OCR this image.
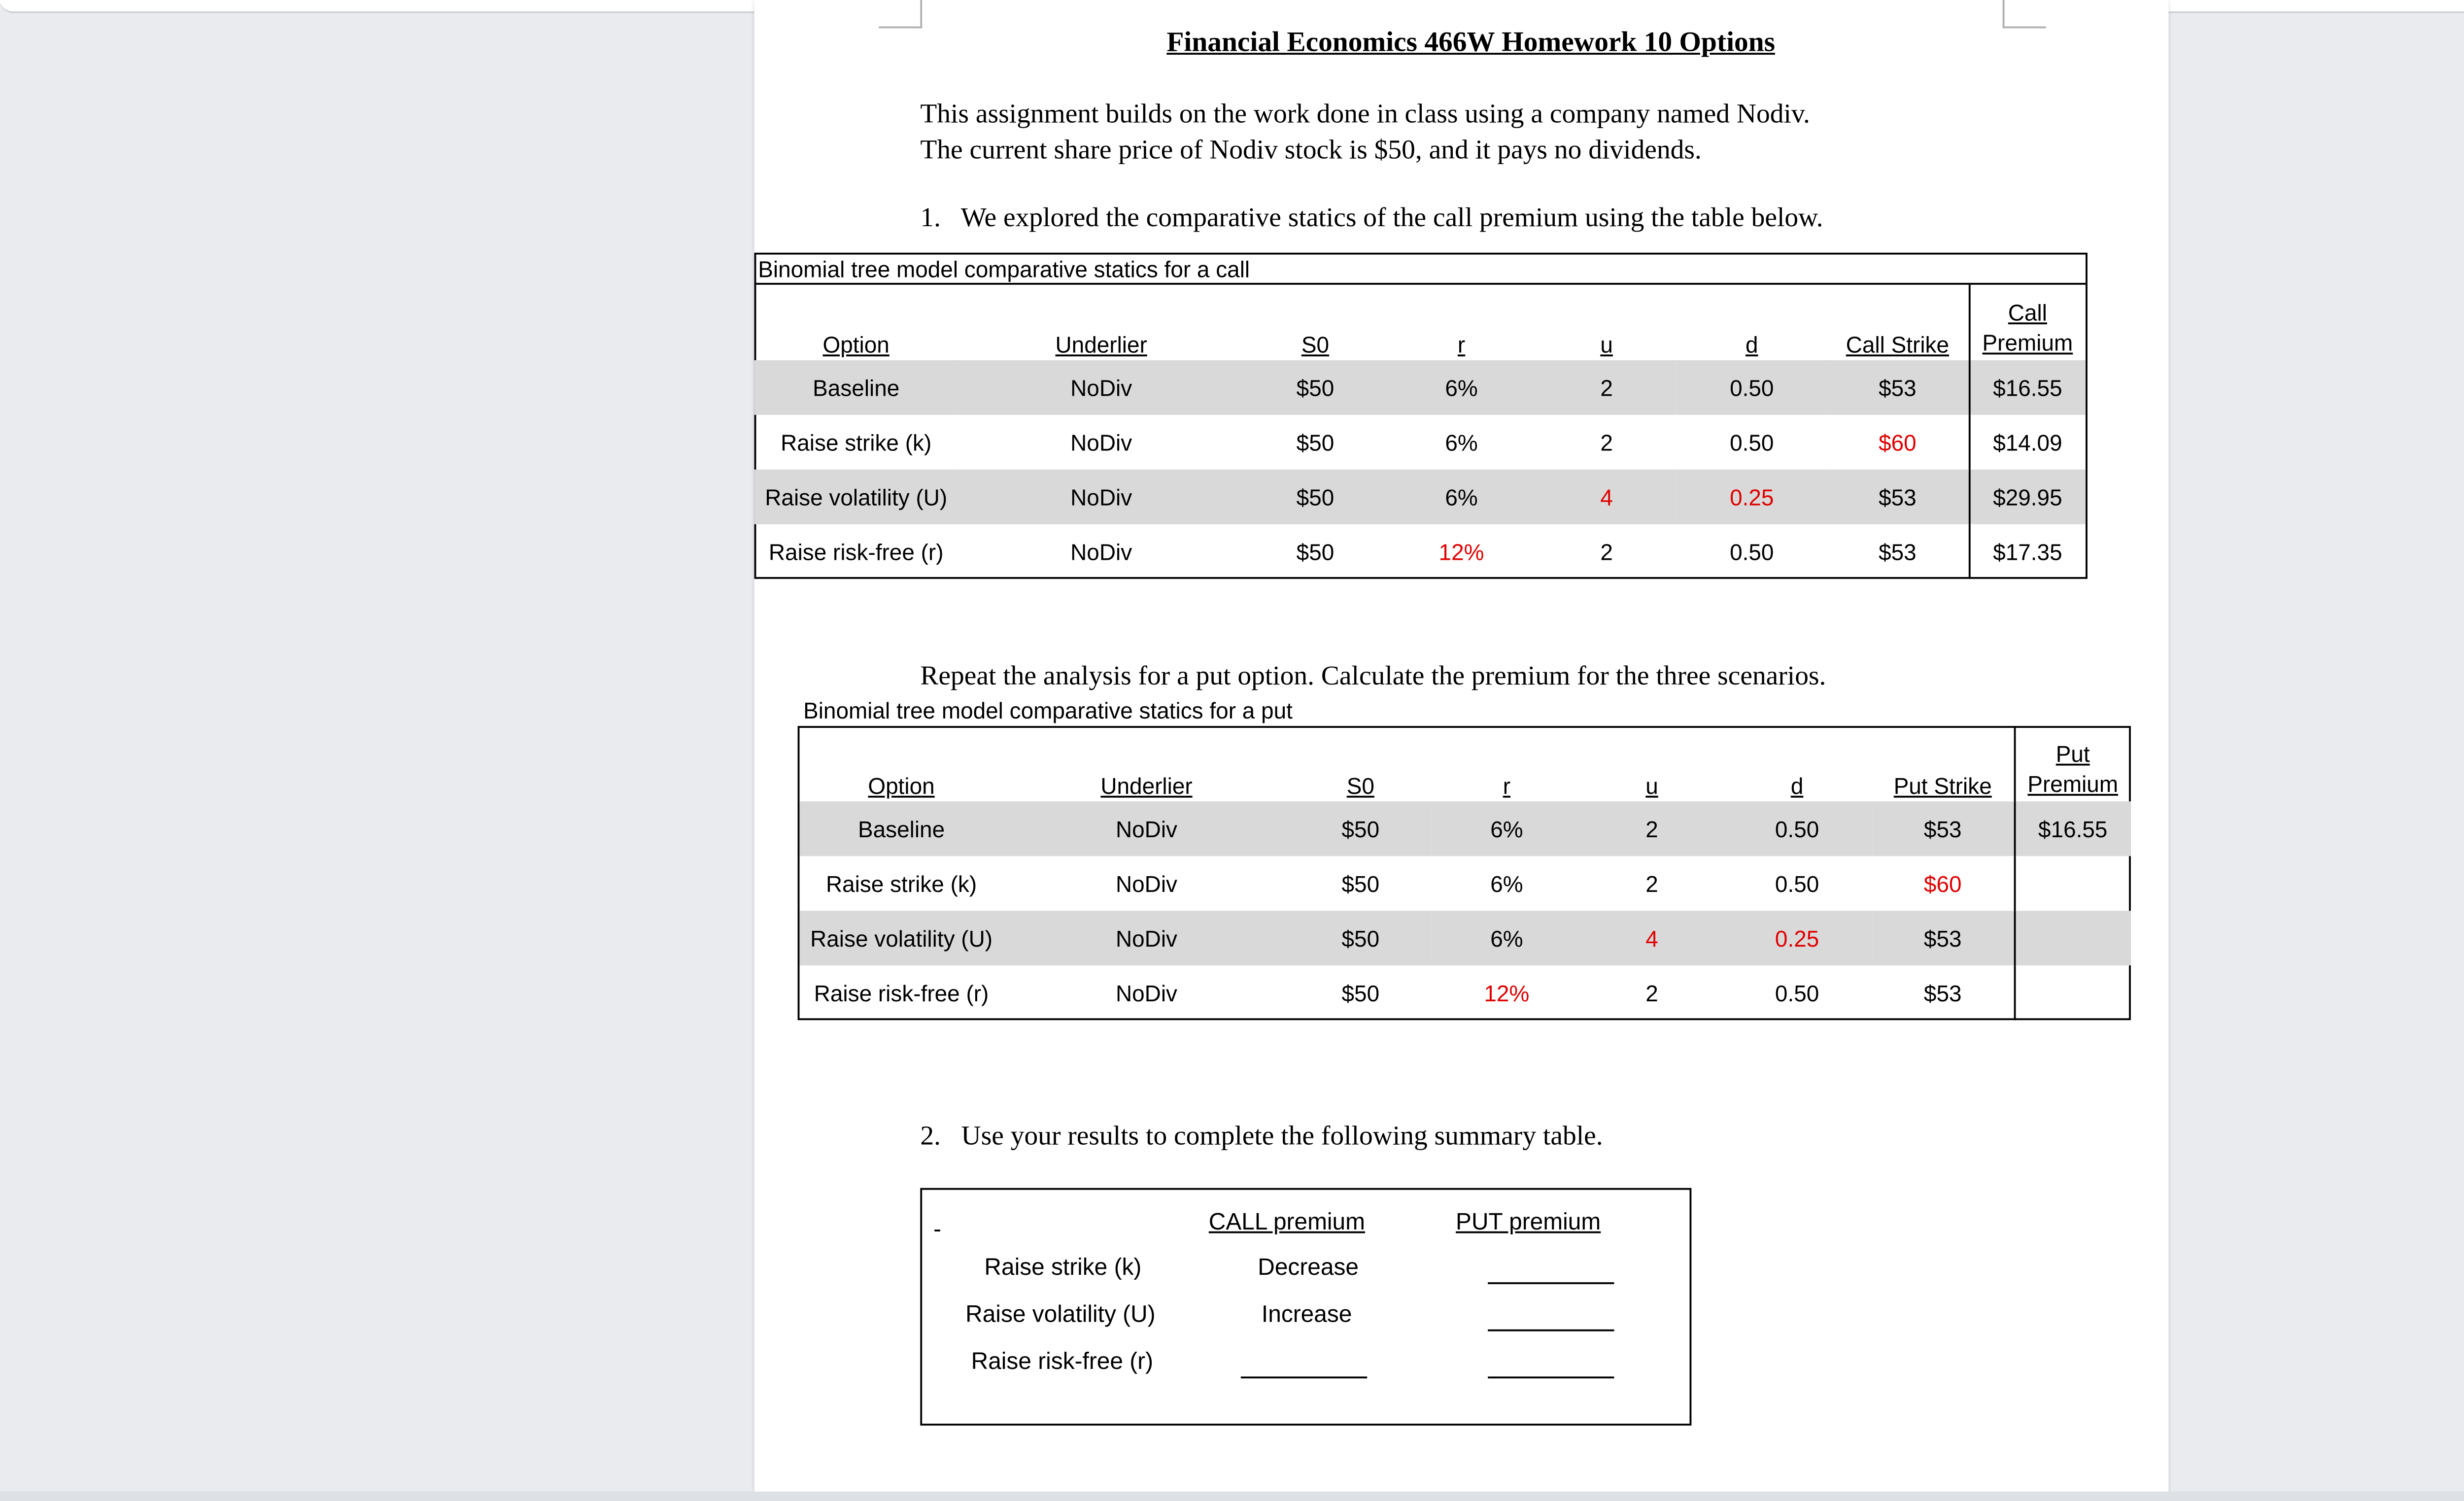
Financial Economics 466W Homework 10 Options
This assignment builds on the work done in class using a company named Nodiv.
The current share price of Nodiv stock is $50, and it pays no dividends.
1.	We explored the comparative statics of the call premium using the table below.
Binomial tree model comparative statics for a call
Option	Underlier	S0	r	u	d	Call Strike	Call
Premium
Baseline	NoDiv	$50	6%	2	0.50	$53	$16.55
Raise strike (k)	NoDiv	$50	6%	2	0.50	$60	$14.09
Raise volatility (U)	NoDiv	$50	6%	4	0.25	$53	$29.95
Raise risk-free (r)	NoDiv	$50	12%	2	0.50	$53	$17.35
Repeat the analysis for a put option. Calculate the premium for the three scenarios.
Binomial tree model comparative statics for a put
Option	Underlier	S0	r	u	d	Put Strike	Put
Premium
Baseline	NoDiv	$50	6%	2	0.50	$53	$16.55
Raise strike (k)	NoDiv	$50	6%	2	0.50	$60	
Raise volatility (U)	NoDiv	$50	6%	4	0.25	$53	
Raise risk-free (r)	NoDiv	$50	12%	2	0.50	$53	
2.	Use your results to complete the following summary table.
-	CALL premium	PUT premium
Raise strike (k)	Decrease
Raise volatility (U)	Increase
Raise risk-free (r)
